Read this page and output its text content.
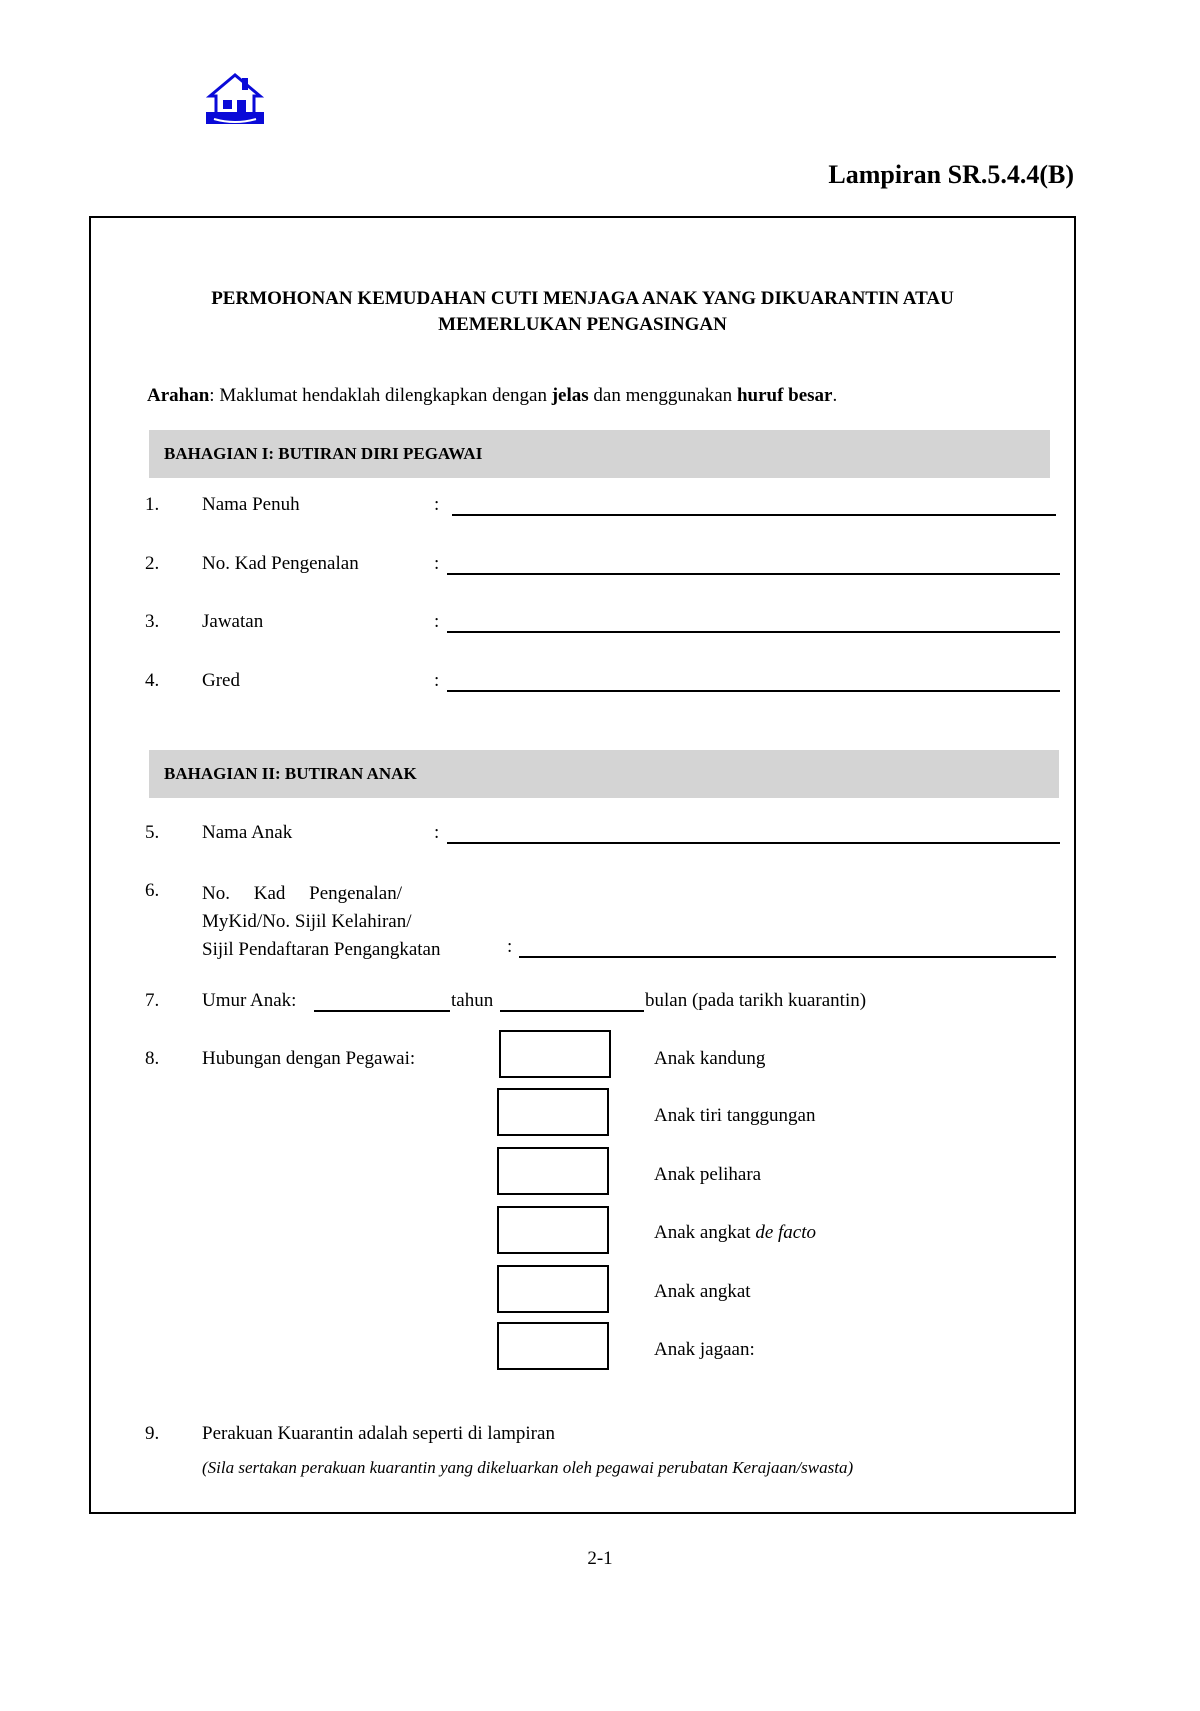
Lampiran SR.5.4.4(B)
PERMOHONAN KEMUDAHAN CUTI MENJAGA ANAK YANG DIKUARANTIN ATAU
MEMERLUKAN PENGASINGAN
Arahan: Maklumat hendaklah dilengkapkan dengan jelas dan menggunakan huruf besar.
BAHAGIAN I: BUTIRAN DIRI PEGAWAI
1. Nama Penuh	:
2. No. Kad Pengenalan	:
3. Jawatan	:
4. Gred	:
BAHAGIAN II: BUTIRAN ANAK
5. Nama Anak	:
6. No.     Kad     Pengenalan/
MyKid/No. Sijil Kelahiran/
Sijil Pendaftaran Pengangkatan	:
7. Umur Anak:	tahun	bulan (pada tarikh kuarantin)
8. Hubungan dengan Pegawai:	Anak kandung
Anak tiri tanggungan
Anak pelihara
Anak angkat de facto
Anak angkat
Anak jagaan:
9. Perakuan Kuarantin adalah seperti di lampiran
(Sila sertakan perakuan kuarantin yang dikeluarkan oleh pegawai perubatan Kerajaan/swasta)
2-1
